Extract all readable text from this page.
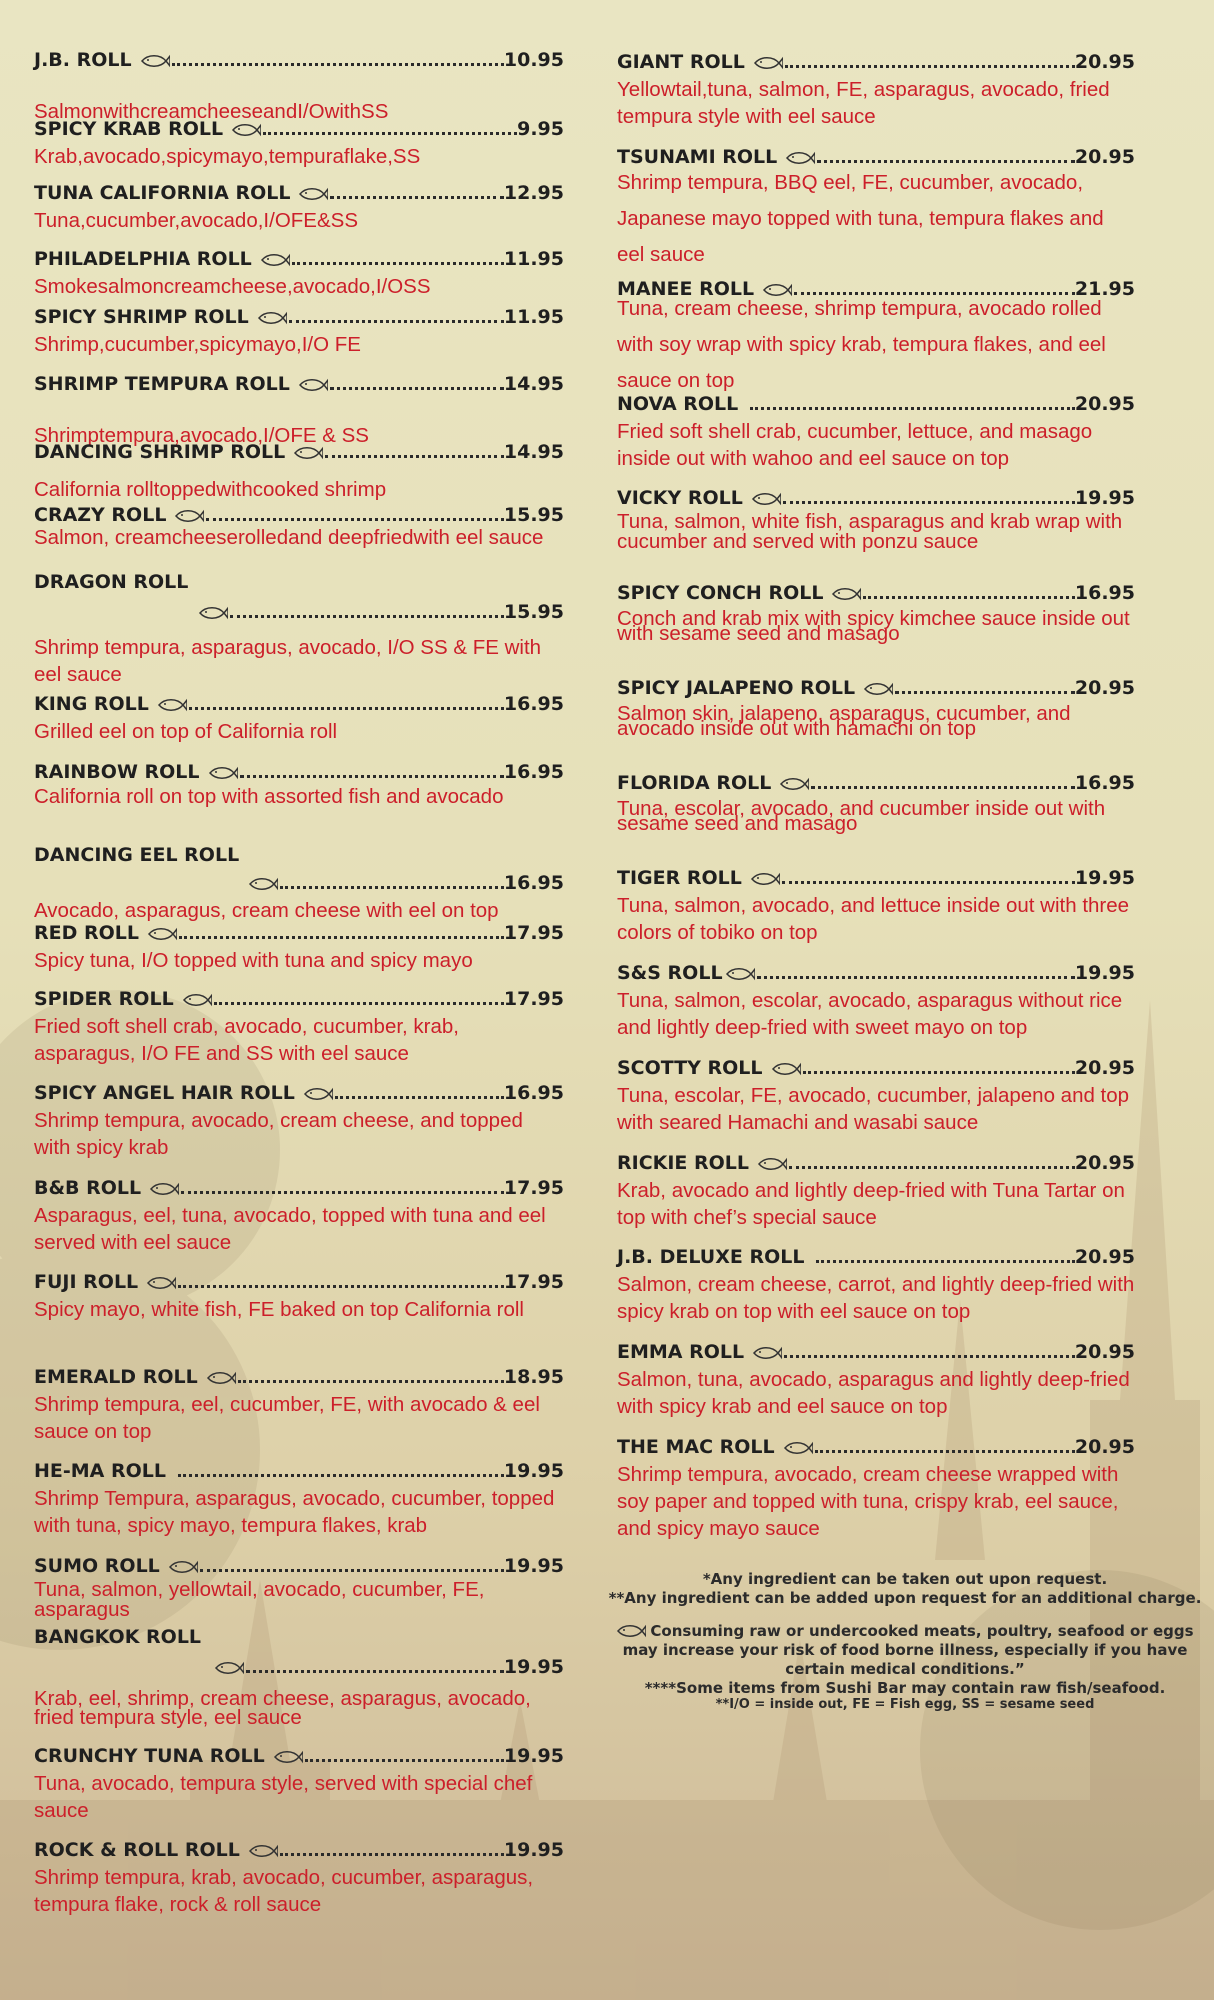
J.B. ROLL	10.95
SalmonwithcreamcheeseandI/OwithSS
SPICY KRAB ROLL	9.95
Krab,avocado,spicymayo,tempuraflake,SS
TUNA CALIFORNIA ROLL	12.95
Tuna,cucumber,avocado,I/OFE&SS
PHILADELPHIA ROLL	11.95
Smokesalmoncreamcheese,avocado,I/OSS
SPICY SHRIMP ROLL	11.95
Shrimp,cucumber,spicymayo,I/O FE
SHRIMP TEMPURA ROLL	14.95
Shrimptempura,avocado,I/OFE & SS
DANCING SHRIMP ROLL	14.95
California rolltoppedwithcooked shrimp
CRAZY ROLL	15.95
Salmon, creamcheeserolledand deepfriedwith eel sauce
DRAGON ROLL
15.95
Shrimp tempura, asparagus, avocado, I/O SS & FE with eel sauce
KING ROLL	16.95
Grilled eel on top of California roll
RAINBOW ROLL	16.95
California roll on top with assorted fish and avocado
DANCING EEL ROLL
16.95
Avocado, asparagus, cream cheese with eel on top
RED ROLL	17.95
Spicy tuna, I/O topped with tuna and spicy mayo
SPIDER ROLL	17.95
Fried soft shell crab, avocado, cucumber, krab, asparagus, I/O FE and SS with eel sauce
SPICY ANGEL HAIR ROLL	16.95
Shrimp tempura, avocado, cream cheese, and topped with spicy krab
B&B ROLL	17.95
Asparagus, eel, tuna, avocado, topped with tuna and eel served with eel sauce
FUJI ROLL	17.95
Spicy mayo, white fish, FE baked on top California roll
EMERALD ROLL	18.95
Shrimp tempura, eel, cucumber, FE, with avocado & eel sauce on top
HE-MA ROLL	19.95
Shrimp Tempura, asparagus, avocado, cucumber, topped with tuna, spicy mayo, tempura flakes, krab
SUMO ROLL	19.95
Tuna, salmon, yellowtail, avocado, cucumber, FE, asparagus
BANGKOK ROLL
19.95
Krab, eel, shrimp, cream cheese, asparagus, avocado, fried tempura style, eel sauce
CRUNCHY TUNA ROLL	19.95
Tuna, avocado, tempura style, served with special chef sauce
ROCK & ROLL ROLL	19.95
Shrimp tempura, krab, avocado, cucumber, asparagus, tempura flake, rock & roll sauce
GIANT ROLL	20.95
Yellowtail,tuna, salmon, FE, asparagus, avocado, fried tempura style with eel sauce
TSUNAMI ROLL	20.95
Shrimp tempura, BBQ eel, FE, cucumber, avocado, Japanese mayo topped with tuna, tempura flakes and eel sauce
MANEE ROLL	21.95
Tuna, cream cheese, shrimp tempura, avocado rolled with soy wrap with spicy krab, tempura flakes, and eel sauce on top
NOVA ROLL	20.95
Fried soft shell crab, cucumber, lettuce, and masago inside out with wahoo and eel sauce on top
VICKY ROLL	19.95
Tuna, salmon, white fish, asparagus and krab wrap with cucumber and served with ponzu sauce
SPICY CONCH ROLL	16.95
Conch and krab mix with spicy kimchee sauce inside out with sesame seed and masago
SPICY JALAPENO ROLL	20.95
Salmon skin, jalapeno, asparagus, cucumber, and avocado inside out with hamachi on top
FLORIDA ROLL	16.95
Tuna, escolar, avocado, and cucumber inside out with sesame seed and masago
TIGER ROLL	19.95
Tuna, salmon, avocado, and lettuce inside out with three colors of tobiko on top
S&S ROLL	19.95
Tuna, salmon, escolar, avocado, asparagus without rice and lightly deep-fried with sweet mayo on top
SCOTTY ROLL	20.95
Tuna, escolar, FE, avocado, cucumber, jalapeno and top with seared Hamachi and wasabi sauce
RICKIE ROLL	20.95
Krab, avocado and lightly deep-fried with Tuna Tartar on top with chef’s special sauce
J.B. DELUXE ROLL	20.95
Salmon, cream cheese, carrot, and lightly deep-fried with spicy krab on top with eel sauce on top
EMMA ROLL	20.95
Salmon, tuna, avocado, asparagus and lightly deep-fried with spicy krab and eel sauce on top
THE MAC ROLL	20.95
Shrimp tempura, avocado, cream cheese wrapped with soy paper and topped with tuna, crispy krab, eel sauce, and spicy mayo sauce

*Any ingredient can be taken out upon request.

**Any ingredient can be added upon request for an additional charge.

Consuming raw or undercooked meats, poultry, seafood or eggs may increase your risk of food borne illness, especially if you have certain medical conditions.”

****Some items from Sushi Bar may contain raw fish/seafood.

**I/O = inside out, FE = Fish egg, SS = sesame seed
